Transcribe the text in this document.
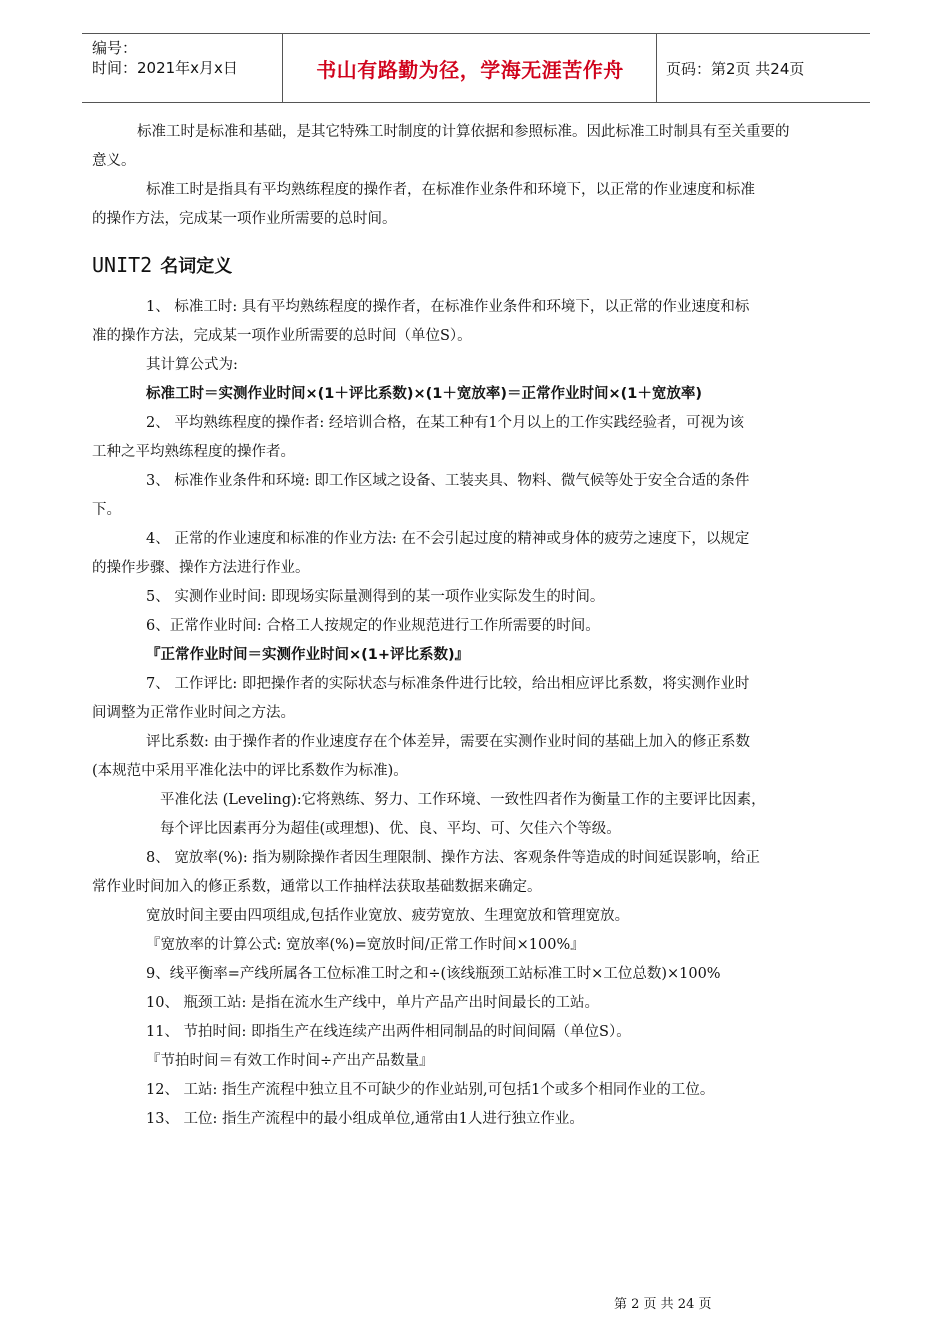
编号：
时间：2021年x月x日	书山有路勤为径，学海无涯苦作舟	页码：第2页 共24页
标准工时是标准和基础，是其它特殊工时制度的计算依据和参照标准。因此标准工时制具有至关重要的
意义。
标准工时是指具有平均熟练程度的操作者，在标准作业条件和环境下，以正常的作业速度和标准
的操作方法，完成某一项作业所需要的总时间。
UNIT2 名词定义
1、 标准工时: 具有平均熟练程度的操作者，在标准作业条件和环境下，以正常的作业速度和标
准的操作方法，完成某一项作业所需要的总时间（单位S）。
其计算公式为:
标准工时＝实测作业时间×(1＋评比系数)×(1＋宽放率)＝正常作业时间×(1＋宽放率)
2、 平均熟练程度的操作者: 经培训合格，在某工种有1个月以上的工作实践经验者，可视为该
工种之平均熟练程度的操作者。
3、 标准作业条件和环境: 即工作区域之设备、工装夹具、物料、微气候等处于安全合适的条件
下。
4、 正常的作业速度和标准的作业方法: 在不会引起过度的精神或身体的疲劳之速度下，以规定
的操作步骤、操作方法进行作业。
5、 实测作业时间: 即现场实际量测得到的某一项作业实际发生的时间。
6、正常作业时间: 合格工人按规定的作业规范进行工作所需要的时间。
『正常作业时间＝实测作业时间×(1+评比系数)』
7、 工作评比: 即把操作者的实际状态与标准条件进行比较，给出相应评比系数，将实测作业时
间调整为正常作业时间之方法。
评比系数: 由于操作者的作业速度存在个体差异，需要在实测作业时间的基础上加入的修正系数
(本规范中采用平准化法中的评比系数作为标准)。
平准化法 (Leveling):它将熟练、努力、工作环境、一致性四者作为衡量工作的主要评比因素，
每个评比因素再分为超佳(或理想)、优、良、平均、可、欠佳六个等级。
8、 宽放率(%): 指为剔除操作者因生理限制、操作方法、客观条件等造成的时间延误影响，给正
常作业时间加入的修正系数，通常以工作抽样法获取基础数据来确定。
宽放时间主要由四项组成,包括作业宽放、疲劳宽放、生理宽放和管理宽放。
『宽放率的计算公式: 宽放率(%)=宽放时间/正常工作时间×100%』
9、线平衡率=产线所属各工位标准工时之和÷(该线瓶颈工站标准工时×工位总数)×100%
10、 瓶颈工站: 是指在流水生产线中，单片产品产出时间最长的工站。
11、 节拍时间: 即指生产在线连续产出两件相同制品的时间间隔（单位S）。
『节拍时间＝有效工作时间÷产出产品数量』
12、 工站: 指生产流程中独立且不可缺少的作业站别,可包括1个或多个相同作业的工位。
13、 工位: 指生产流程中的最小组成单位,通常由1人进行独立作业。
第 2 页 共 24 页
